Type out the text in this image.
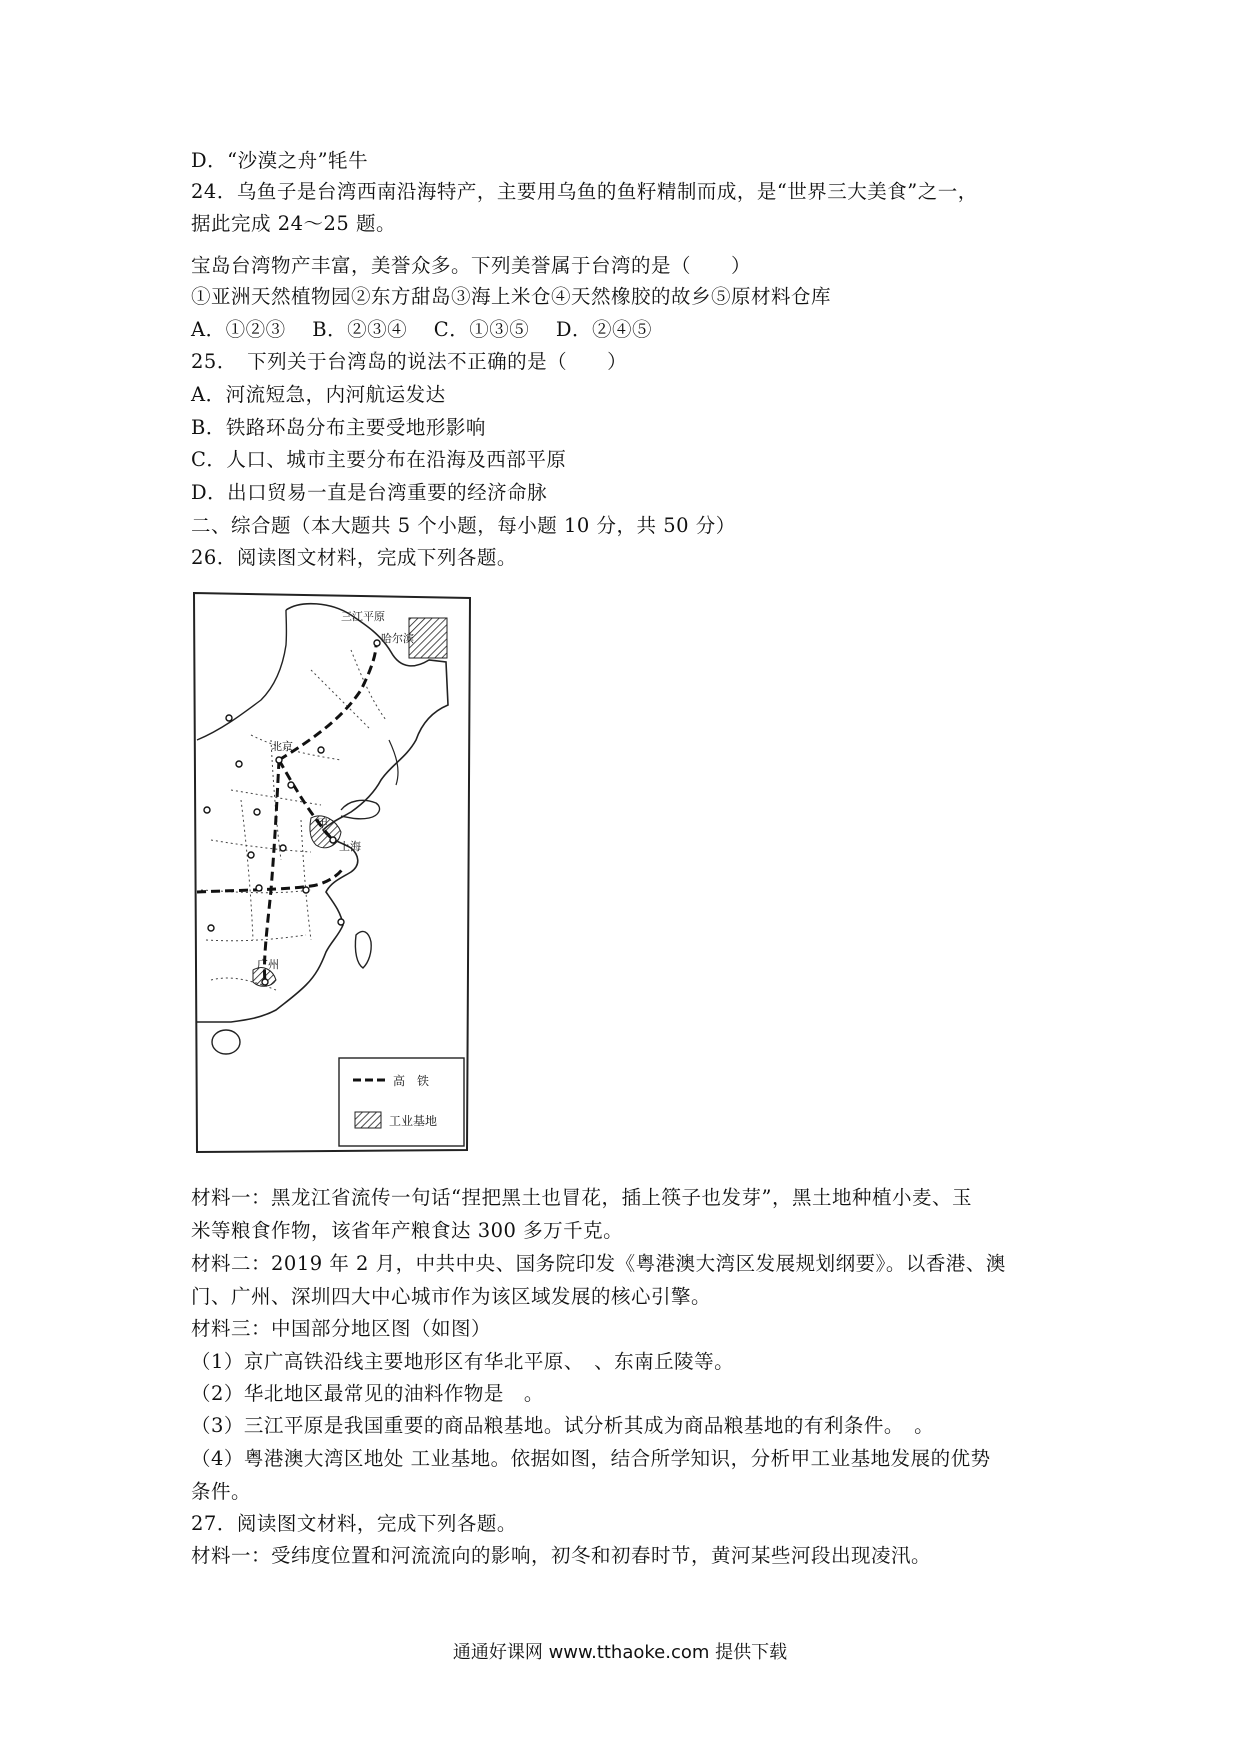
D．“沙漠之舟”牦牛
24．乌鱼子是台湾西南沿海特产，主要用乌鱼的鱼籽精制而成，是“世界三大美食”之一，
据此完成 24～25 题。
宝岛台湾物产丰富，美誉众多。下列美誉属于台湾的是（　　）
①亚洲天然植物园②东方甜岛③海上米仓④天然橡胶的故乡⑤原材料仓库
A．①②③　 B．②③④　 C．①③⑤　 D．②④⑤
25．　下列关于台湾岛的说法不正确的是（　　）
A．河流短急，内河航运发达
B．铁路环岛分布主要受地形影响
C．人口、城市主要分布在沿海及西部平原
D．出口贸易一直是台湾重要的经济命脉
二、综合题（本大题共 5 个小题，每小题 10 分，共 50 分）
26．阅读图文材料，完成下列各题。
三江平原
哈尔滨
北京
甲
上海
广州
高　铁
工业基地
材料一：黑龙江省流传一句话“捏把黑土也冒花，插上筷子也发芽”，黑土地种植小麦、玉
米等粮食作物，该省年产粮食达 300 多万千克。
材料二：2019 年 2 月，中共中央、国务院印发《粤港澳大湾区发展规划纲要》。以香港、澳
门、广州、深圳四大中心城市作为该区域发展的核心引擎。
材料三：中国部分地区图（如图）
（1）京广高铁沿线主要地形区有华北平原、　、东南丘陵等。
（2）华北地区最常见的油料作物是　。
（3）三江平原是我国重要的商品粮基地。试分析其成为商品粮基地的有利条件。　。
（4）粤港澳大湾区地处 工业基地。依据如图，结合所学知识，分析甲工业基地发展的优势
条件。
27．阅读图文材料，完成下列各题。
材料一：受纬度位置和河流流向的影响，初冬和初春时节，黄河某些河段出现凌汛。
通通好课网 www.tthaoke.com 提供下载
